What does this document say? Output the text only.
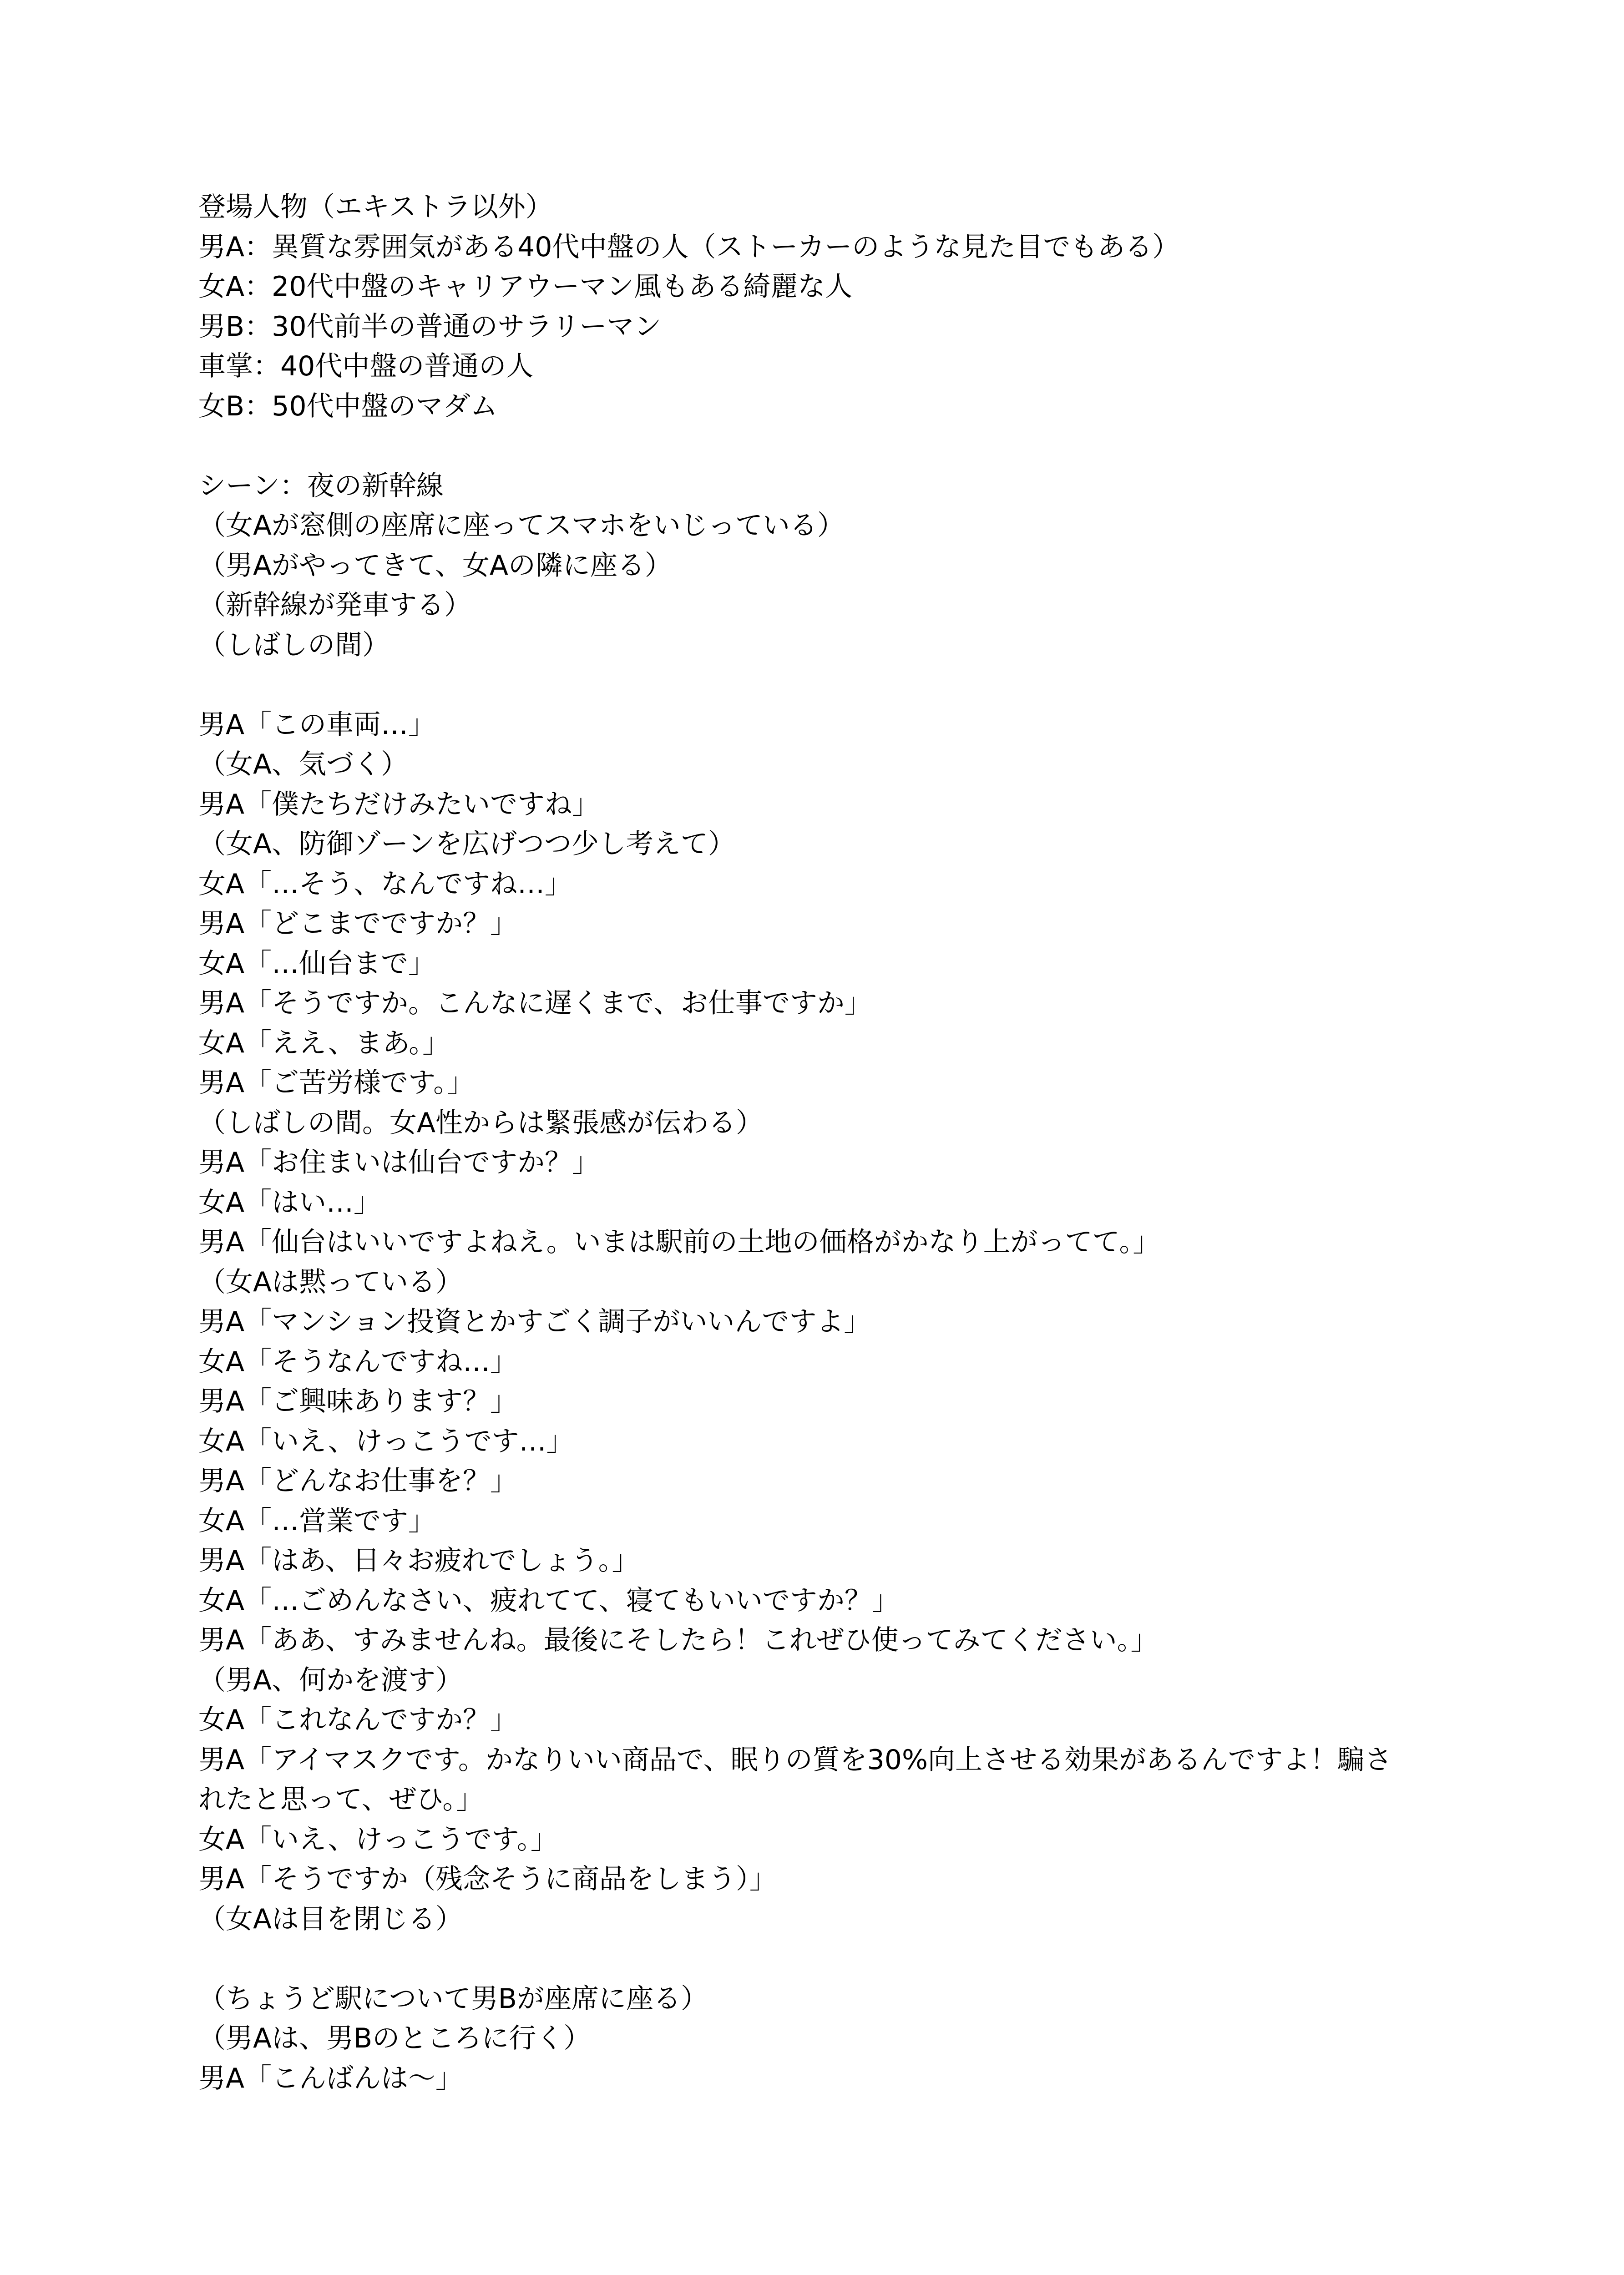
登場人物（エキストラ以外）
男A：異質な雰囲気がある40代中盤の人（ストーカーのような見た目でもある）
女A：20代中盤のキャリアウーマン風もある綺麗な人
男B：30代前半の普通のサラリーマン
車掌：40代中盤の普通の人
女B：50代中盤のマダム
シーン：夜の新幹線
（女Aが窓側の座席に座ってスマホをいじっている）
（男Aがやってきて、女Aの隣に座る）
（新幹線が発車する）
（しばしの間）
男A「この車両…」
（女A、気づく）
男A「僕たちだけみたいですね」
（女A、防御ゾーンを広げつつ少し考えて）
女A「…そう、なんですね…」
男A「どこまでですか？」
女A「…仙台まで」
男A「そうですか。こんなに遅くまで、お仕事ですか」
女A「ええ、まあ。」
男A「ご苦労様です。」
（しばしの間。女A性からは緊張感が伝わる）
男A「お住まいは仙台ですか？」
女A「はい…」
男A「仙台はいいですよねえ。いまは駅前の土地の価格がかなり上がってて。」
（女Aは黙っている）
男A「マンション投資とかすごく調子がいいんですよ」
女A「そうなんですね…」
男A「ご興味あります？」
女A「いえ、けっこうです…」
男A「どんなお仕事を？」
女A「…営業です」
男A「はあ、日々お疲れでしょう。」
女A「…ごめんなさい、疲れてて、寝てもいいですか？」
男A「ああ、すみませんね。最後にそしたら！これぜひ使ってみてください。」
（男A、何かを渡す）
女A「これなんですか？」
男A「アイマスクです。かなりいい商品で、眠りの質を30%向上させる効果があるんですよ！騙さ
れたと思って、ぜひ。」
女A「いえ、けっこうです。」
男A「そうですか（残念そうに商品をしまう）」
（女Aは目を閉じる）
（ちょうど駅について男Bが座席に座る）
（男Aは、男Bのところに行く）
男A「こんばんは〜」
